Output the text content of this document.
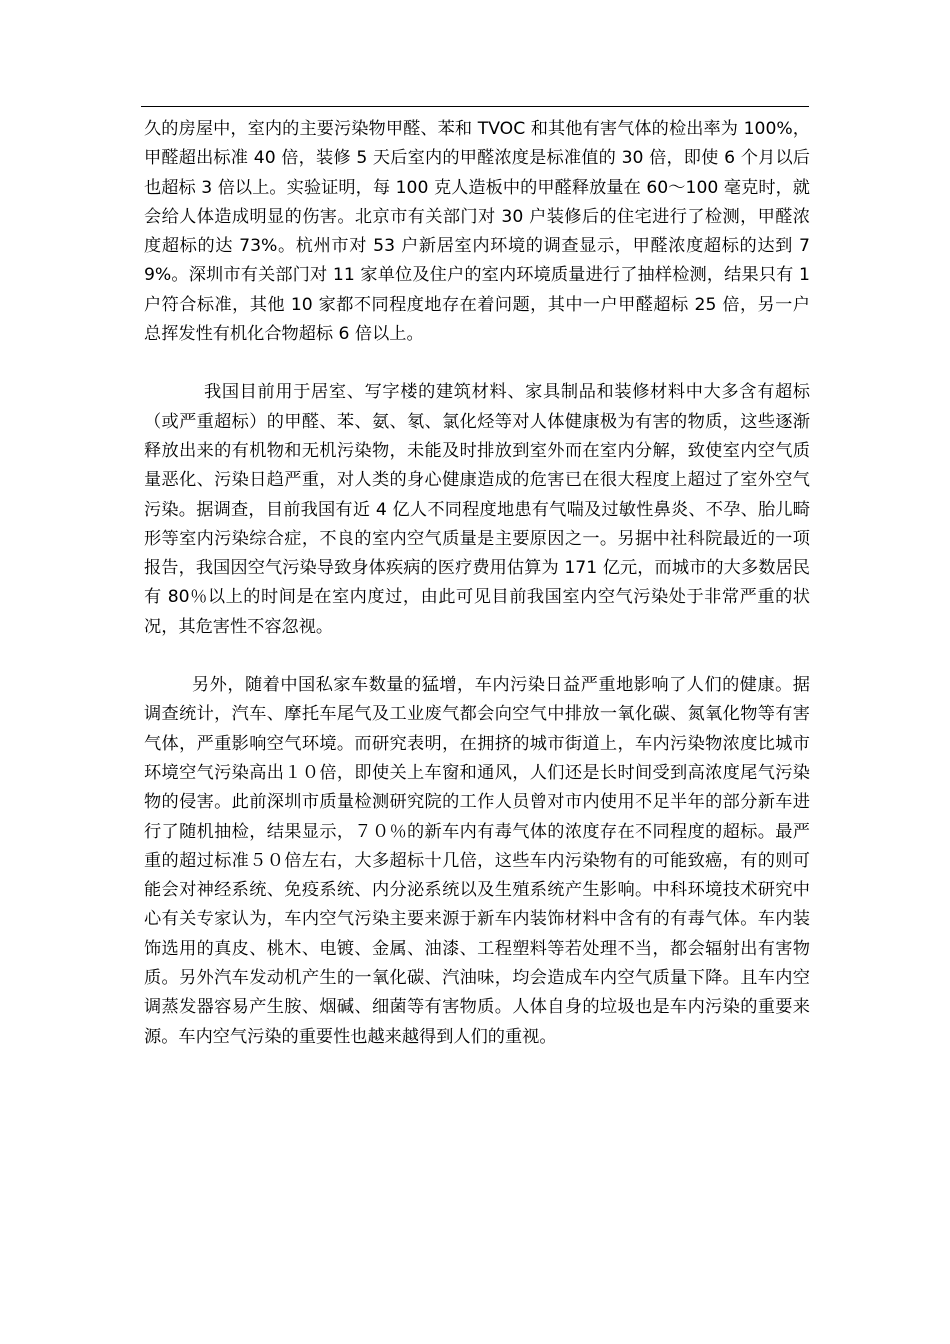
久的房屋中，室内的主要污染物甲醛、苯和 TVOC 和其他有害气体的检出率为 100%，甲醛超出标准 40 倍，装修 5 天后室内的甲醛浓度是标准值的 30 倍，即使 6 个月以后也超标 3 倍以上。实验证明，每 100 克人造板中的甲醛释放量在 60～100 毫克时，就会给人体造成明显的伤害。北京市有关部门对 30 户装修后的住宅进行了检测，甲醛浓度超标的达 73%。杭州市对 53 户新居室内环境的调查显示，甲醛浓度超标的达到 79%。深圳市有关部门对 11 家单位及住户的室内环境质量进行了抽样检测，结果只有 1 户符合标准，其他 10 家都不同程度地存在着问题，其中一户甲醛超标 25 倍，另一户总挥发性有机化合物超标 6 倍以上。

我国目前用于居室、写字楼的建筑材料、家具制品和装修材料中大多含有超标（或严重超标）的甲醛、苯、氨、氡、氯化烃等对人体健康极为有害的物质，这些逐渐释放出来的有机物和无机污染物，未能及时排放到室外而在室内分解，致使室内空气质量恶化、污染日趋严重，对人类的身心健康造成的危害已在很大程度上超过了室外空气污染。据调查，目前我国有近 4 亿人不同程度地患有气喘及过敏性鼻炎、不孕、胎儿畸形等室内污染综合症，不良的室内空气质量是主要原因之一。另据中社科院最近的一项报告，我国因空气污染导致身体疾病的医疗费用估算为 171 亿元，而城市的大多数居民有 80％以上的时间是在室内度过，由此可见目前我国室内空气污染处于非常严重的状况，其危害性不容忽视。

另外，随着中国私家车数量的猛增，车内污染日益严重地影响了人们的健康。据调查统计，汽车、摩托车尾气及工业废气都会向空气中排放一氧化碳、氮氧化物等有害气体，严重影响空气环境。而研究表明，在拥挤的城市街道上，车内污染物浓度比城市环境空气污染高出１０倍，即使关上车窗和通风，人们还是长时间受到高浓度尾气污染物的侵害。此前深圳市质量检测研究院的工作人员曾对市内使用不足半年的部分新车进行了随机抽检，结果显示，７０％的新车内有毒气体的浓度存在不同程度的超标。最严重的超过标准５０倍左右，大多超标十几倍，这些车内污染物有的可能致癌，有的则可能会对神经系统、免疫系统、内分泌系统以及生殖系统产生影响。中科环境技术研究中心有关专家认为，车内空气污染主要来源于新车内装饰材料中含有的有毒气体。车内装饰选用的真皮、桃木、电镀、金属、油漆、工程塑料等若处理不当，都会辐射出有害物质。另外汽车发动机产生的一氧化碳、汽油味，均会造成车内空气质量下降。且车内空调蒸发器容易产生胺、烟碱、细菌等有害物质。人体自身的垃圾也是车内污染的重要来源。车内空气污染的重要性也越来越得到人们的重视。
